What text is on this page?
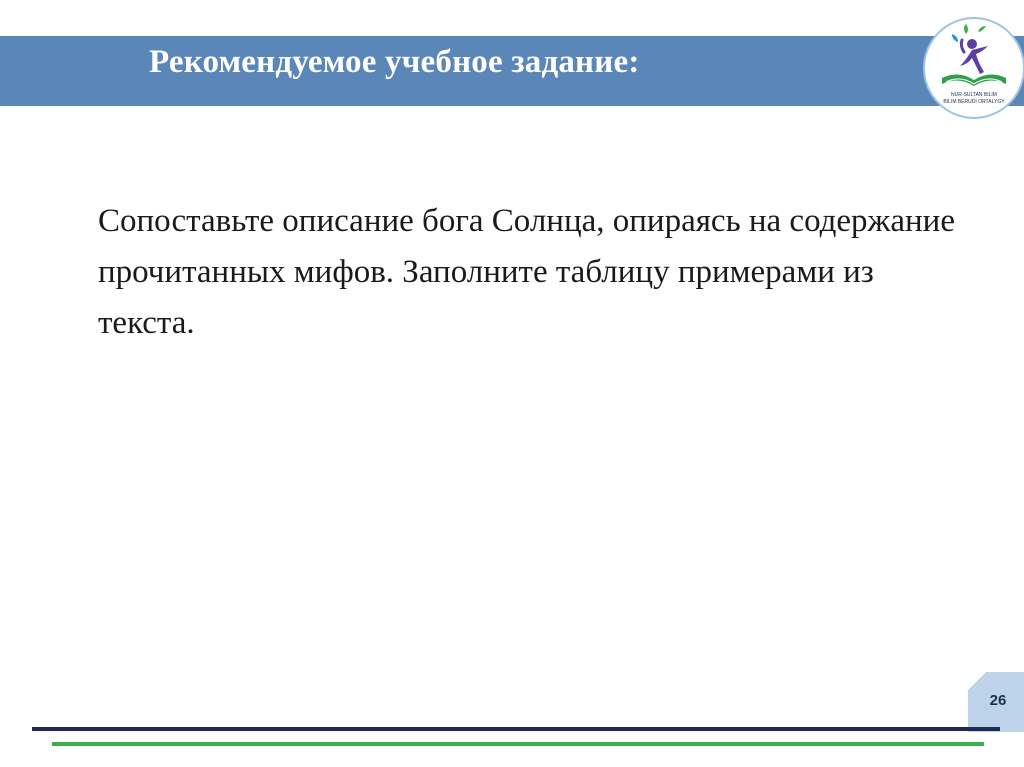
Рекомендуемое учебное задание:
NUR-SULTAN BILIM
BILIM BERUDI ORTALYGY
Сопоставьте описание бога Солнца, опираясь на содержание прочитанных мифов. Заполните таблицу примерами из текста.
26
